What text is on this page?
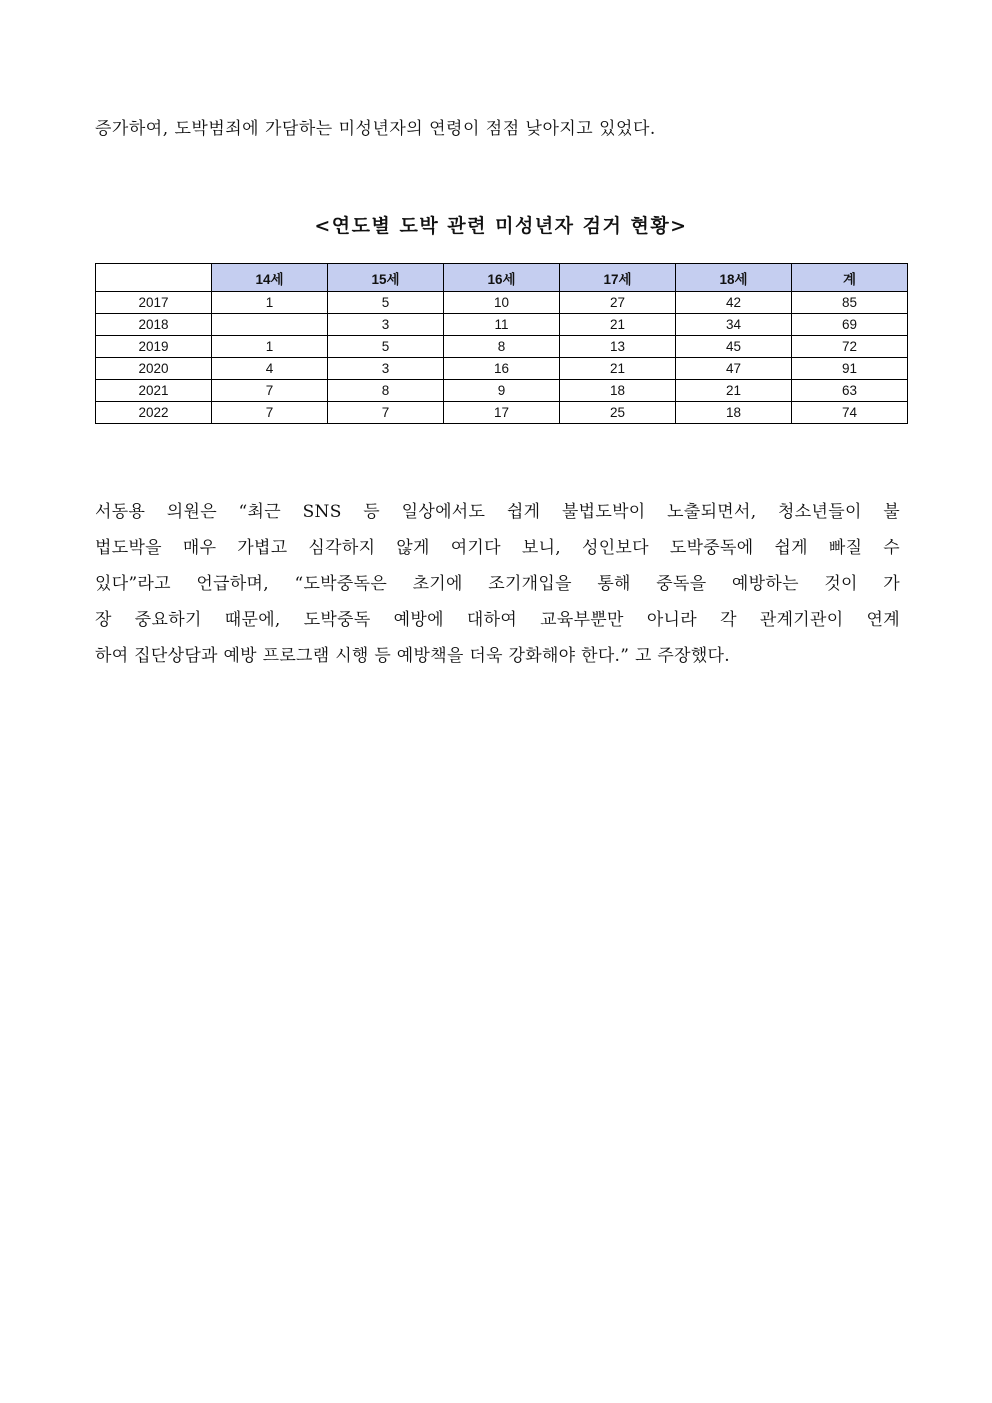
증가하여, 도박범죄에 가담하는 미성년자의 연령이 점점 낮아지고 있었다.
<연도별 도박 관련 미성년자 검거 현황>
	14세	15세	16세	17세	18세	계
2017	1	5	10	27	42	85
2018		3	11	21	34	69
2019	1	5	8	13	45	72
2020	4	3	16	21	47	91
2021	7	8	9	18	21	63
2022	7	7	17	25	18	74
서동용 의원은 “최근 SNS 등 일상에서도 쉽게 불법도박이 노출되면서, 청소년들이 불
법도박을 매우 가볍고 심각하지 않게 여기다 보니, 성인보다 도박중독에 쉽게 빠질 수
있다”라고 언급하며, “도박중독은 초기에 조기개입을 통해 중독을 예방하는 것이 가
장 중요하기 때문에, 도박중독 예방에 대하여 교육부뿐만 아니라 각 관계기관이 연계
하여 집단상담과 예방 프로그램 시행 등 예방책을 더욱 강화해야 한다.” 고 주장했다.
